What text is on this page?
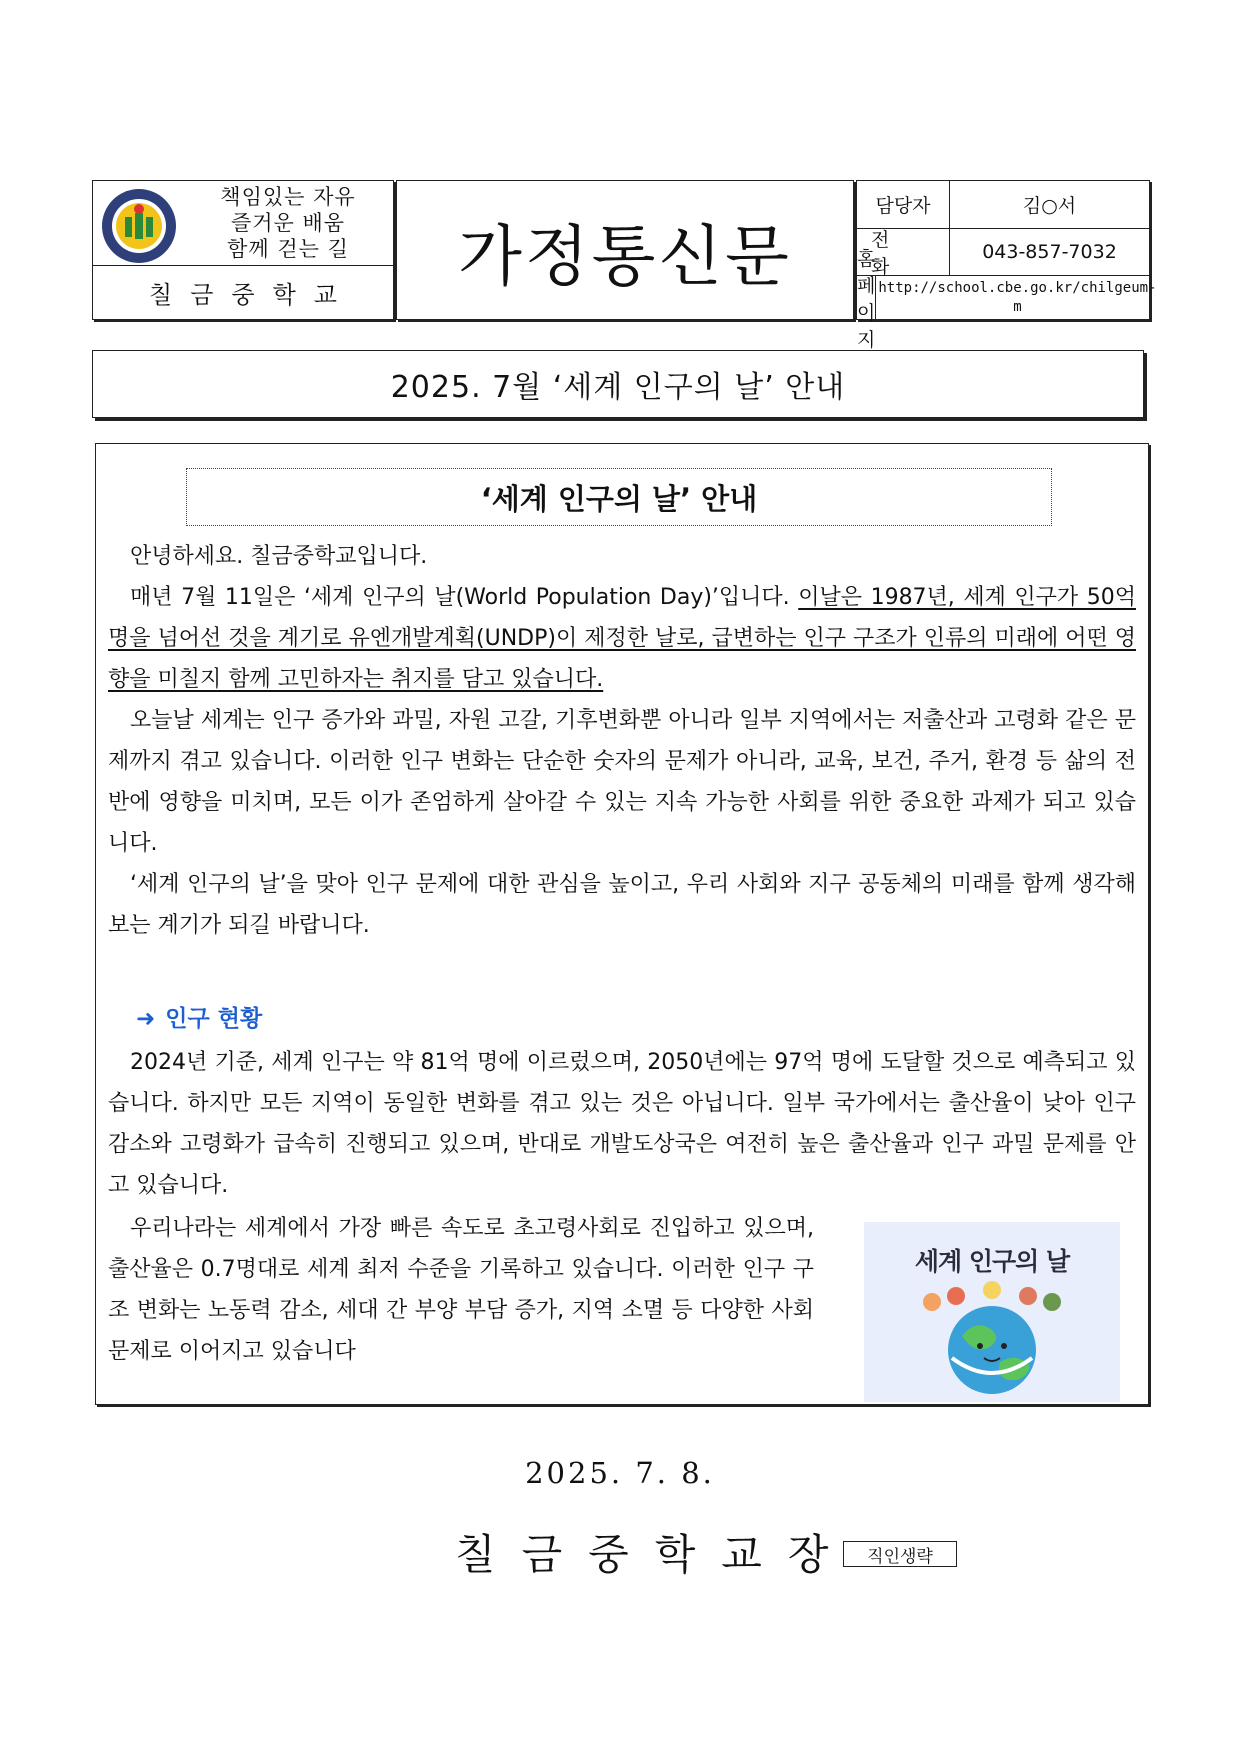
책임있는 자유
즐거운 배움
함께 걷는 길
칠금중학교
가정통신문
담당자	김○서
전 화
043-857-7032
홈페이지
http://school.cbe.go.kr/chilgeum-m
2025. 7월 ‘세계 인구의 날’ 안내
‘세계 인구의 날’ 안내

안녕하세요. 칠금중학교입니다.

매년 7월 11일은 ‘세계 인구의 날(World Population Day)’입니다. 이날은 1987년, 세계 인구가 50억 명을 넘어선 것을 계기로 유엔개발계획(UNDP)이 제정한 날로, 급변하는 인구 구조가 인류의 미래에 어떤 영향을 미칠지 함께 고민하자는 취지를 담고 있습니다.

오늘날 세계는 인구 증가와 과밀, 자원 고갈, 기후변화뿐 아니라 일부 지역에서는 저출산과 고령화 같은 문제까지 겪고 있습니다. 이러한 인구 변화는 단순한 숫자의 문제가 아니라, 교육, 보건, 주거, 환경 등 삶의 전반에 영향을 미치며, 모든 이가 존엄하게 살아갈 수 있는 지속 가능한 사회를 위한 중요한 과제가 되고 있습니다.

‘세계 인구의 날’을 맞아 인구 문제에 대한 관심을 높이고, 우리 사회와 지구 공동체의 미래를 함께 생각해보는 계기가 되길 바랍니다.

➜ 인구 현황

2024년 기준, 세계 인구는 약 81억 명에 이르렀으며, 2050년에는 97억 명에 도달할 것으로 예측되고 있습니다. 하지만 모든 지역이 동일한 변화를 겪고 있는 것은 아닙니다. 일부 국가에서는 출산율이 낮아 인구 감소와 고령화가 급속히 진행되고 있으며, 반대로 개발도상국은 여전히 높은 출산율과 인구 과밀 문제를 안고 있습니다.

우리나라는 세계에서 가장 빠른 속도로 초고령사회로 진입하고 있으며, 출산율은 0.7명대로 세계 최저 수준을 기록하고 있습니다. 이러한 인구 구조 변화는 노동력 감소, 세대 간 부양 부담 증가, 지역 소멸 등 다양한 사회 문제로 이어지고 있습니다

세계 인구의 날
2025. 7. 8.
칠금중학교장 직인생략
